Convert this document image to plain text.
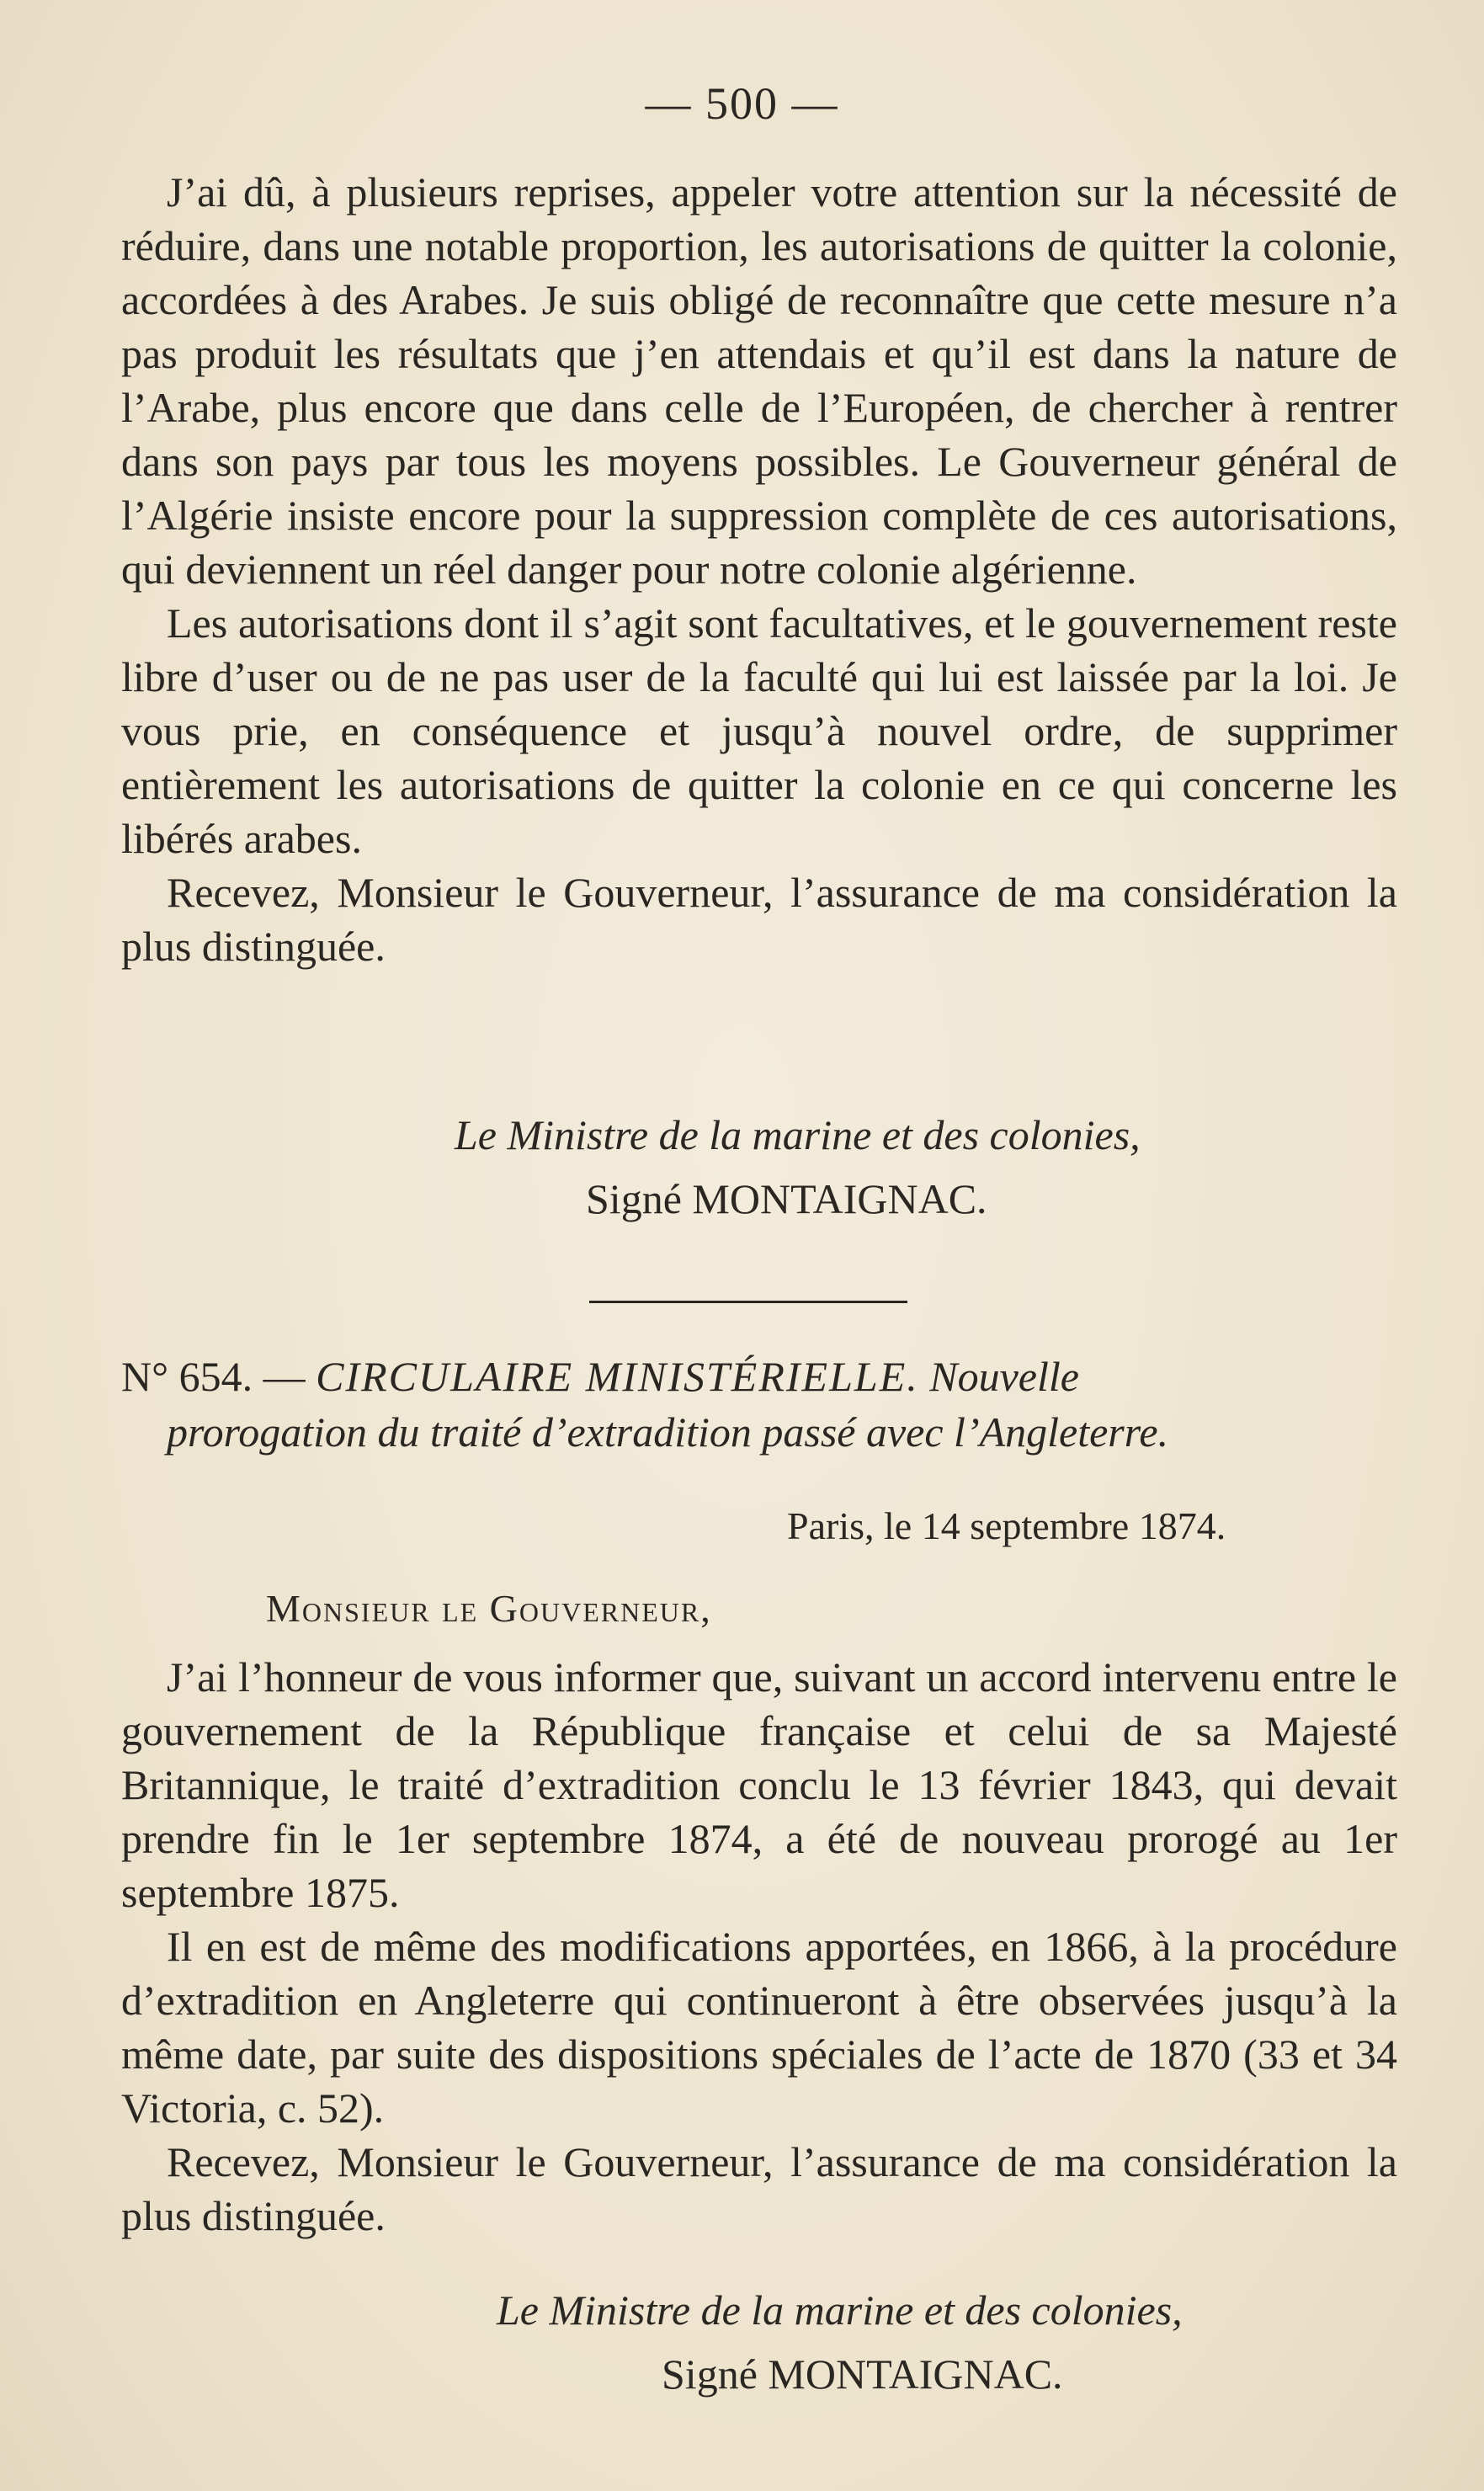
— 500 —

J’ai dû, à plusieurs reprises, appeler votre attention sur la nécessité de réduire, dans une notable proportion, les autorisations de quitter la colonie, accordées à des Arabes. Je suis obligé de reconnaître que cette mesure n’a pas produit les résultats que j’en attendais et qu’il est dans la nature de l’Arabe, plus encore que dans celle de l’Européen, de chercher à rentrer dans son pays par tous les moyens possibles. Le Gouverneur général de l’Algérie insiste encore pour la suppression complète de ces autorisations, qui deviennent un réel danger pour notre colonie algérienne.

Les autorisations dont il s’agit sont facultatives, et le gouvernement reste libre d’user ou de ne pas user de la faculté qui lui est laissée par la loi. Je vous prie, en conséquence et jusqu’à nouvel ordre, de supprimer entièrement les autorisations de quitter la colonie en ce qui concerne les libérés arabes.

Recevez, Monsieur le Gouverneur, l’assurance de ma considération la plus distinguée.

Le Ministre de la marine et des colonies,
Signé MONTAIGNAC.
N° 654. — CIRCULAIRE MINISTÉRIELLE. Nouvelle
prorogation du traité d’extradition passé avec l’Angleterre.
Paris, le 14 septembre 1874.
Monsieur le Gouverneur,

J’ai l’honneur de vous informer que, suivant un accord intervenu entre le gouvernement de la République française et celui de sa Majesté Britannique, le traité d’extradition conclu le 13 février 1843, qui devait prendre fin le 1er septembre 1874, a été de nouveau prorogé au 1er septembre 1875.

Il en est de même des modifications apportées, en 1866, à la procédure d’extradition en Angleterre qui continueront à être observées jusqu’à la même date, par suite des dispositions spéciales de l’acte de 1870 (33 et 34 Victoria, c. 52).

Recevez, Monsieur le Gouverneur, l’assurance de ma considération la plus distinguée.

Le Ministre de la marine et des colonies,
Signé MONTAIGNAC.
